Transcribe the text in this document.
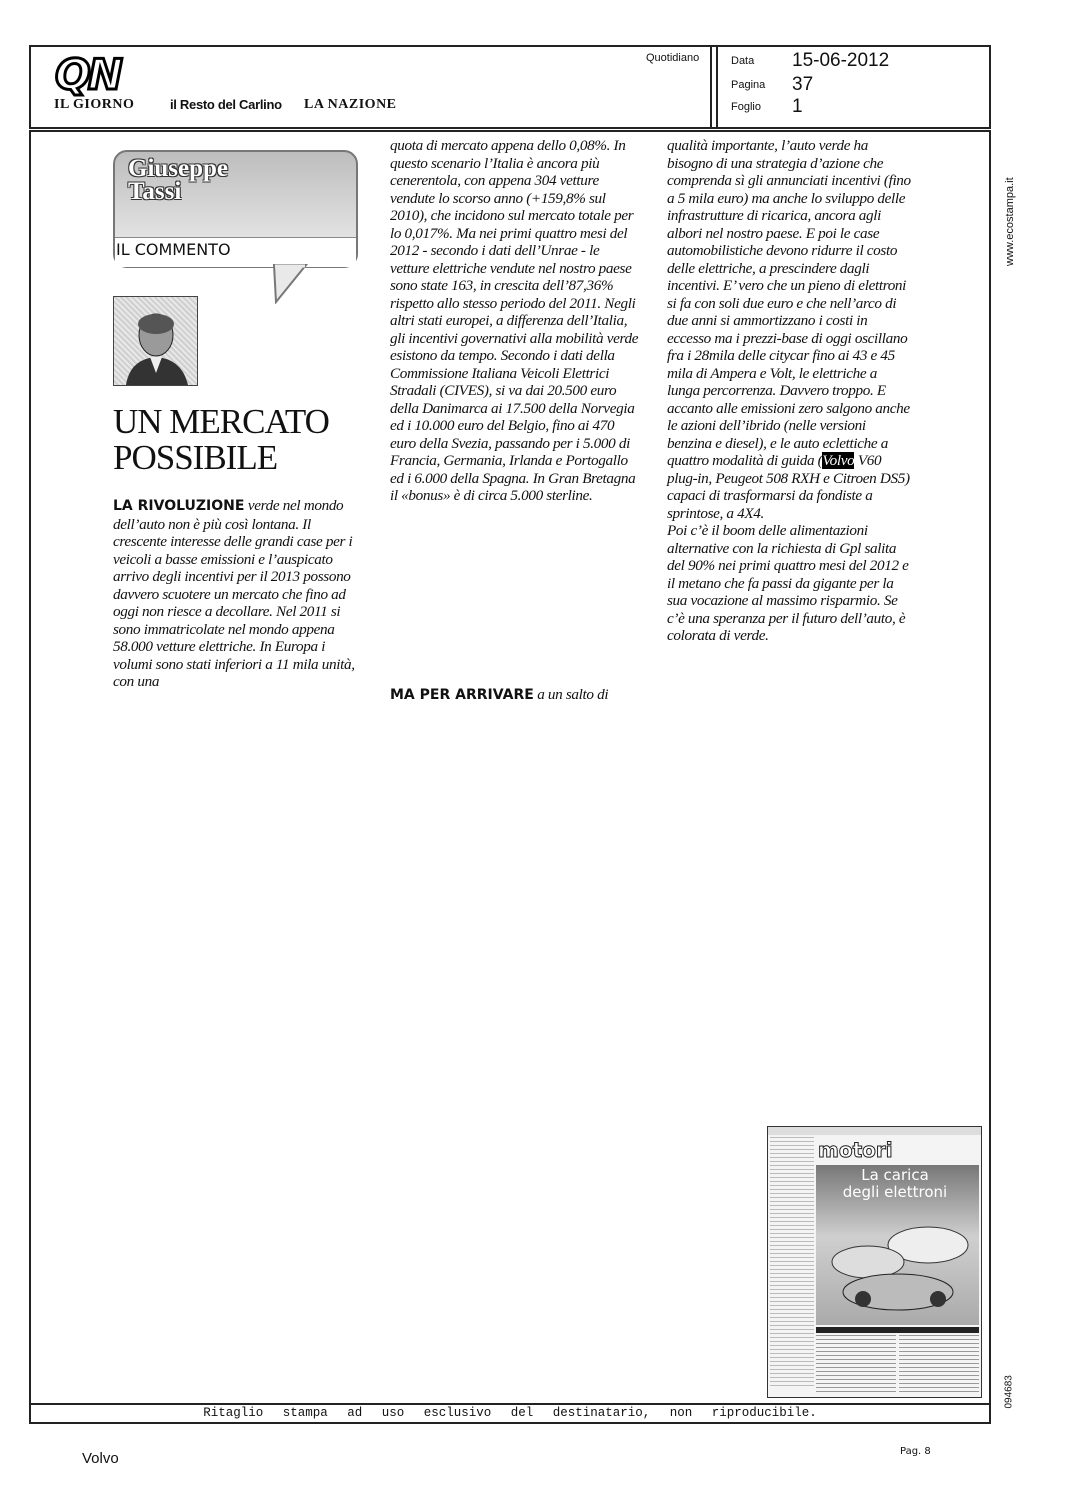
QN
IL GIORNO	il Resto del Carlino LA NAZIONE
Quotidiano	Data 15-06-2012
Pagina 37
Foglio 1
Ritaglio stampa ad uso esclusivo del destinatario, non riproducibile.
www.ecostampa.it
094683
Giuseppe Tassi
IL COMMENTO
UN MERCATO
POSSIBILE

LA RIVOLUZIONE verde nel mondo dell’auto non è più così lontana. Il crescente interesse delle grandi case per i veicoli a basse emissioni e l’auspicato arrivo degli incentivi per il 2013 possono davvero scuotere un mercato che fino ad oggi non riesce a decollare. Nel 2011 si sono immatricolate nel mondo appena 58.000 vetture elettriche. In Europa i volumi sono stati inferiori a 11 mila unità, con una

quota di mercato appena dello 0,08%. In questo scenario l’Italia è ancora più cenerentola, con appena 304 vetture vendute lo scorso anno (+159,8% sul 2010), che incidono sul mercato totale per lo 0,017%. Ma nei primi quattro mesi del 2012 - secondo i dati dell’Unrae - le vetture elettriche vendute nel nostro paese sono state 163, in crescita dell’87,36% rispetto allo stesso periodo del 2011. Negli altri stati europei, a differenza dell’Italia, gli incentivi governativi alla mobilità verde esistono da tempo. Secondo i dati della Commissione Italiana Veicoli Elettrici Stradali (CIVES), si va dai 20.500 euro della Danimarca ai 17.500 della Norvegia ed i 10.000 euro del Belgio, fino ai 470 euro della Svezia, passando per i 5.000 di Francia, Germania, Irlanda e Portogallo ed i 6.000 della Spagna. In Gran Bretagna il «bonus» è di circa 5.000 sterline.

MA PER ARRIVARE a un salto di

qualità importante, l’auto verde ha bisogno di una strategia d’azione che comprenda sì gli annunciati incentivi (fino a 5 mila euro) ma anche lo sviluppo delle infrastrutture di ricarica, ancora agli albori nel nostro paese. E poi le case automobilistiche devono ridurre il costo delle elettriche, a prescindere dagli incentivi. E’ vero che un pieno di elettroni si fa con soli due euro e che nell’arco di due anni si ammortizzano i costi in eccesso ma i prezzi-base di oggi oscillano fra i 28mila delle citycar fino ai 43 e 45 mila di Ampera e Volt, le elettriche a lunga percorrenza. Davvero troppo. E accanto alle emissioni zero salgono anche le azioni dell’ibrido (nelle versioni benzina e diesel), e le auto eclettiche a quattro modalità di guida (Volvo V60 plug-in, Peugeot 508 RXH e Citroen DS5) capaci di trasformarsi da fondiste a sprintose, a 4X4.

Poi c’è il boom delle alimentazioni alternative con la richiesta di Gpl salita del 90% nei primi quattro mesi del 2012 e il metano che fa passi da gigante per la sua vocazione al massimo risparmio. Se c’è una speranza per il futuro dell’auto, è colorata di verde.

motori
La carica
degli elettroni
Volvo	Pag. 8
